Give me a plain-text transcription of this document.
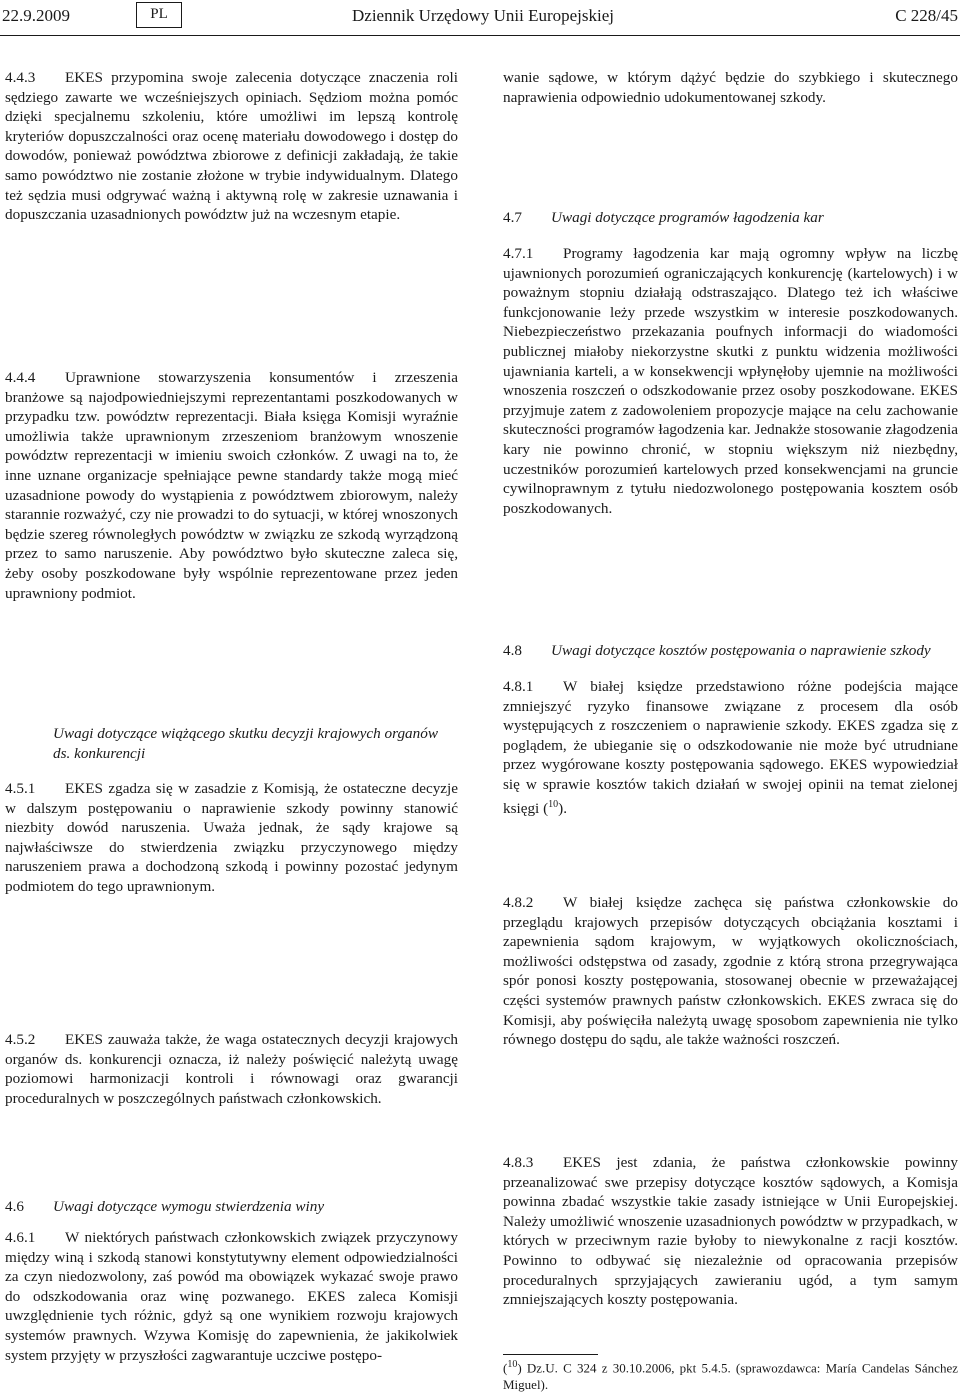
22.9.2009	PL	Dziennik Urzędowy Unii Europejskiej	C 228/45

4.4.3 EKES przypomina swoje zalecenia dotyczące znaczenia roli sędziego zawarte we wcześniejszych opiniach. Sędziom można pomóc dzięki specjalnemu szkoleniu, które umożliwi im lepszą kontrolę kryteriów dopuszczalności oraz ocenę materiału dowodowego i dostęp do dowodów, ponieważ powództwa zbiorowe z definicji zakładają, że takie samo powództwo nie zostanie złożone w trybie indywidualnym. Dlatego też sędzia musi odgrywać ważną i aktywną rolę w zakresie uznawania i dopuszczania uzasadnionych powództw już na wczesnym etapie.

4.4.4 Uprawnione stowarzyszenia konsumentów i zrzeszenia branżowe są najodpowiedniejszymi reprezentantami poszkodowanych w przypadku tzw. powództw reprezentacji. Biała księga Komisji wyraźnie umożliwia także uprawnionym zrzeszeniom branżowym wnoszenie powództw reprezentacji w imieniu swoich członków. Z uwagi na to, że inne uznane organizacje spełniające pewne standardy także mogą mieć uzasadnione powody do wystąpienia z powództwem zbiorowym, należy starannie rozważyć, czy nie prowadzi to do sytuacji, w której wnoszonych będzie szereg równoległych powództw w związku ze szkodą wyrządzoną przez to samo naruszenie. Aby powództwo było skuteczne zaleca się, żeby osoby poszkodowane były wspólnie reprezentowane przez jeden uprawniony podmiot.

Uwagi dotyczące wiążącego skutku decyzji krajowych organów ds. konkurencji

4.5.1 EKES zgadza się w zasadzie z Komisją, że ostateczne decyzje w dalszym postępowaniu o naprawienie szkody powinny stanowić niezbity dowód naruszenia. Uważa jednak, że sądy krajowe są najwłaściwsze do stwierdzenia związku przyczynowego między naruszeniem prawa a dochodzoną szkodą i powinny pozostać jedynym podmiotem do tego uprawnionym.

4.5.2 EKES zauważa także, że waga ostatecznych decyzji krajowych organów ds. konkurencji oznacza, iż należy poświęcić należytą uwagę poziomowi harmonizacji kontroli i równowagi oraz gwarancji proceduralnych w poszczególnych państwach członkowskich.

4.6 Uwagi dotyczące wymogu stwierdzenia winy

4.6.1 W niektórych państwach członkowskich związek przyczynowy między winą i szkodą stanowi konstytutywny element odpowiedzialności za czyn niedozwolony, zaś powód ma obowiązek wykazać swoje prawo do odszkodowania oraz winę pozwanego. EKES zaleca Komisji uwzględnienie tych różnic, gdyż są one wynikiem rozwoju krajowych systemów prawnych. Wzywa Komisję do zapewnienia, że jakikolwiek system przyjęty w przyszłości zagwarantuje uczciwe postępo-

wanie sądowe, w którym dążyć będzie do szybkiego i skutecznego naprawienia odpowiednio udokumentowanej szkody.

4.7 Uwagi dotyczące programów łagodzenia kar

4.7.1 Programy łagodzenia kar mają ogromny wpływ na liczbę ujawnionych porozumień ograniczających konkurencję (kartelowych) i w poważnym stopniu działają odstraszająco. Dlatego też ich właściwe funkcjonowanie leży przede wszystkim w interesie poszkodowanych. Niebezpieczeństwo przekazania poufnych informacji do wiadomości publicznej miałoby niekorzystne skutki z punktu widzenia możliwości ujawniania karteli, a w konsekwencji wpłynęłoby ujemnie na możliwości wnoszenia roszczeń o odszkodowanie przez osoby poszkodowane. EKES przyjmuje zatem z zadowoleniem propozycje mające na celu zachowanie skuteczności programów łagodzenia kar. Jednakże stosowanie złagodzenia kary nie powinno chronić, w stopniu większym niż niezbędny, uczestników porozumień kartelowych przed konsekwencjami na gruncie cywilnoprawnym z tytułu niedozwolonego postępowania kosztem osób poszkodowanych.

4.8 Uwagi dotyczące kosztów postępowania o naprawienie szkody

4.8.1 W białej księdze przedstawiono różne podejścia mające zmniejszyć ryzyko finansowe związane z procesem dla osób występujących z roszczeniem o naprawienie szkody. EKES zgadza się z poglądem, że ubieganie się o odszkodowanie nie może być utrudniane przez wygórowane koszty postępowania sądowego. EKES wypowiedział się w sprawie kosztów takich działań w swojej opinii na temat zielonej księgi ($^{10}$).

4.8.2 W białej księdze zachęca się państwa członkowskie do przeglądu krajowych przepisów dotyczących obciążania kosztami i zapewnienia sądom krajowym, w wyjątkowych okolicznościach, możliwości odstępstwa od zasady, zgodnie z którą strona przegrywająca spór ponosi koszty postępowania, stosowanej obecnie w przeważającej części systemów prawnych państw członkowskich. EKES zwraca się do Komisji, aby poświęciła należytą uwagę sposobom zapewnienia nie tylko równego dostępu do sądu, ale także ważności roszczeń.

4.8.3 EKES jest zdania, że państwa członkowskie powinny przeanalizować swe przepisy dotyczące kosztów sądowych, a Komisja powinna zbadać wszystkie takie zasady istniejące w Unii Europejskiej. Należy umożliwić wnoszenie uzasadnionych powództw w przypadkach, w których w przeciwnym razie byłoby to niewykonalne z racji kosztów. Powinno to odbywać się niezależnie od opracowania przepisów proceduralnych sprzyjających zawieraniu ugód, a tym samym zmniejszających koszty postępowania.

($^{10}$) Dz.U. C 324 z 30.10.2006, pkt 5.4.5. (sprawozdawca: María Candelas Sánchez Miguel).
